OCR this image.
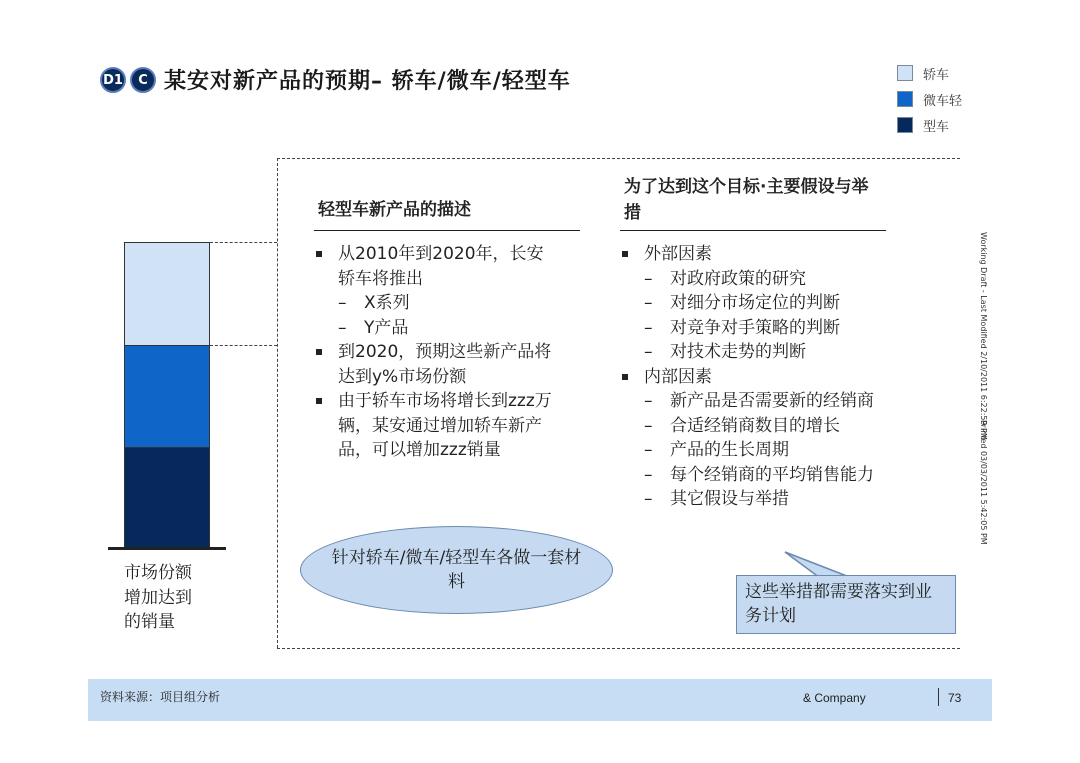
D1 C 某安对新产品的预期– 轿车/微车/轻型车	轿车
微车轻
型车
市场份额
增加达到
的销量
轻型车新产品的描述
从2010年到2020年，长安轿车将推出
– X系列
– Y产品
到2020，预期这些新产品将达到y%市场份额
由于轿车市场将增长到zzz万辆，某安通过增加轿车新产品，可以增加zzz销量
为了达到这个目标·主要假设与举措
外部因素
– 对政府政策的研究
– 对细分市场定位的判断
– 对竞争对手策略的判断
– 对技术走势的判断
内部因素
– 新产品是否需要新的经销商
– 合适经销商数目的增长
– 产品的生长周期
– 每个经销商的平均销售能力
– 其它假设与举措
针对轿车/微车/轻型车各做一套材料	这些举措都需要落实到业务计划
Working Draft - Last Modified 2/10/2011 6:22:59 PM
Printed 03/03/2011 5:42:05 PM
资料来源：项目组分析	& Company	73
